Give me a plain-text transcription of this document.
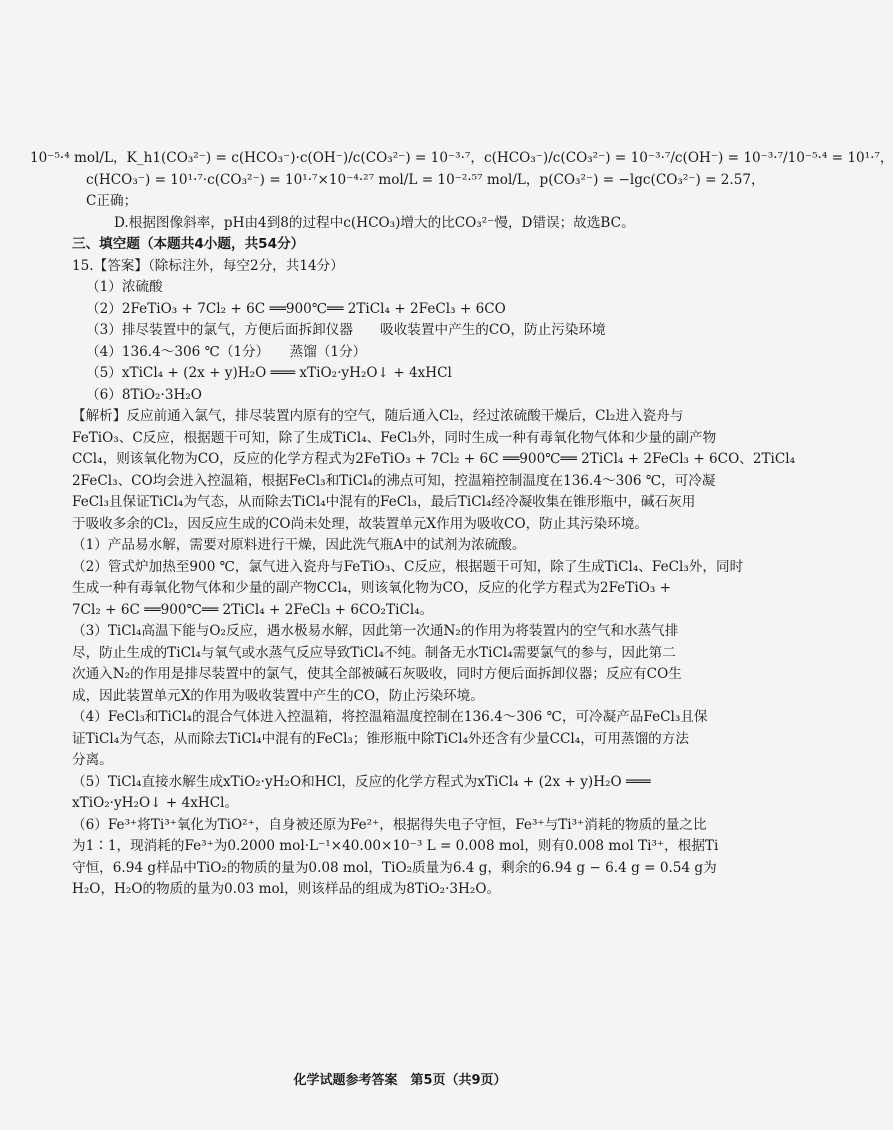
10⁻⁵·⁴ mol/L，K_h1(CO₃²⁻) = c(HCO₃⁻)·c(OH⁻)/c(CO₃²⁻) = 10⁻³·⁷，c(HCO₃⁻)/c(CO₃²⁻) = 10⁻³·⁷/c(OH⁻) = 10⁻³·⁷/10⁻⁵·⁴ = 10¹·⁷，
c(HCO₃⁻) = 10¹·⁷·c(CO₃²⁻) = 10¹·⁷×10⁻⁴·²⁷ mol/L = 10⁻²·⁵⁷ mol/L，p(CO₃²⁻) = −lgc(CO₃²⁻) = 2.57，
C正确；
D.根据图像斜率，pH由4到8的过程中c(HCO₃)增大的比CO₃²⁻慢，D错误；故选BC。
三、填空题（本题共4小题，共54分）
15.【答案】（除标注外，每空2分，共14分）
（1）浓硫酸
（2）2FeTiO₃ + 7Cl₂ + 6C ══900℃══ 2TiCl₄ + 2FeCl₃ + 6CO
（3）排尽装置中的氯气，方便后面拆卸仪器　　吸收装置中产生的CO，防止污染环境
（4）136.4～306 ℃（1分）　　蒸馏（1分）
（5）xTiCl₄ + (2x + y)H₂O ═══ xTiO₂·yH₂O↓ + 4xHCl
（6）8TiO₂·3H₂O
【解析】反应前通入氯气，排尽装置内原有的空气，随后通入Cl₂，经过浓硫酸干燥后，Cl₂进入瓷舟与
FeTiO₃、C反应，根据题干可知，除了生成TiCl₄、FeCl₃外，同时生成一种有毒氧化物气体和少量的副产物
CCl₄，则该氧化物为CO，反应的化学方程式为2FeTiO₃ + 7Cl₂ + 6C ══900℃══ 2TiCl₄ + 2FeCl₃ + 6CO、2TiCl₄
2FeCl₃、CO均会进入控温箱，根据FeCl₃和TiCl₄的沸点可知，控温箱控制温度在136.4～306 ℃，可冷凝
FeCl₃且保证TiCl₄为气态，从而除去TiCl₄中混有的FeCl₃，最后TiCl₄经冷凝收集在锥形瓶中，碱石灰用
于吸收多余的Cl₂，因反应生成的CO尚未处理，故装置单元X作用为吸收CO，防止其污染环境。
（1）产品易水解，需要对原料进行干燥，因此洗气瓶A中的试剂为浓硫酸。
（2）管式炉加热至900 ℃，氯气进入瓷舟与FeTiO₃、C反应，根据题干可知，除了生成TiCl₄、FeCl₃外，同时
生成一种有毒氧化物气体和少量的副产物CCl₄，则该氧化物为CO，反应的化学方程式为2FeTiO₃ +
7Cl₂ + 6C ══900℃══ 2TiCl₄ + 2FeCl₃ + 6CO₂TiCl₄。
（3）TiCl₄高温下能与O₂反应，遇水极易水解，因此第一次通N₂的作用为将装置内的空气和水蒸气排
尽，防止生成的TiCl₄与氧气或水蒸气反应导致TiCl₄不纯。制备无水TiCl₄需要氯气的参与，因此第二
次通入N₂的作用是排尽装置中的氯气，使其全部被碱石灰吸收，同时方便后面拆卸仪器；反应有CO生
成，因此装置单元X的作用为吸收装置中产生的CO，防止污染环境。
（4）FeCl₃和TiCl₄的混合气体进入控温箱，将控温箱温度控制在136.4～306 ℃，可冷凝产品FeCl₃且保
证TiCl₄为气态，从而除去TiCl₄中混有的FeCl₃；锥形瓶中除TiCl₄外还含有少量CCl₄，可用蒸馏的方法
分离。
（5）TiCl₄直接水解生成xTiO₂·yH₂O和HCl，反应的化学方程式为xTiCl₄ + (2x + y)H₂O ═══
xTiO₂·yH₂O↓ + 4xHCl。
（6）Fe³⁺将Ti³⁺氧化为TiO²⁺，自身被还原为Fe²⁺，根据得失电子守恒，Fe³⁺与Ti³⁺消耗的物质的量之比
为1∶1，现消耗的Fe³⁺为0.2000 mol·L⁻¹×40.00×10⁻³ L = 0.008 mol，则有0.008 mol Ti³⁺，根据Ti
守恒，6.94 g样品中TiO₂的物质的量为0.08 mol，TiO₂质量为6.4 g，剩余的6.94 g − 6.4 g = 0.54 g为
H₂O，H₂O的物质的量为0.03 mol，则该样品的组成为8TiO₂·3H₂O。
化学试题参考答案　第5页（共9页）
